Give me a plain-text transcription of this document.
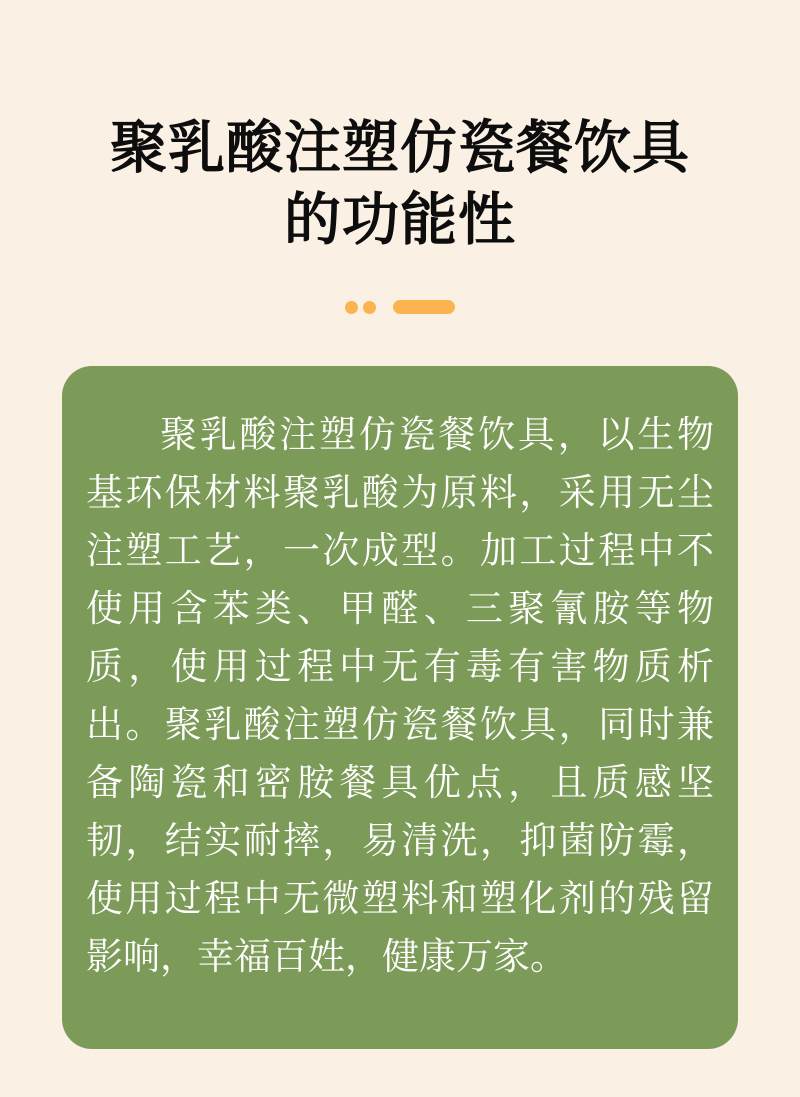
聚乳酸注塑仿瓷餐饮具
的功能性

聚乳酸注塑仿瓷餐饮具，以生物基环保材料聚乳酸为原料，采用无尘注塑工艺，一次成型。加工过程中不使用含苯类、甲醛、三聚氰胺等物质，使用过程中无有毒有害物质析出。聚乳酸注塑仿瓷餐饮具，同时兼备陶瓷和密胺餐具优点，且质感坚韧，结实耐摔，易清洗，抑菌防霉，使用过程中无微塑料和塑化剂的残留影响，幸福百姓，健康万家。
